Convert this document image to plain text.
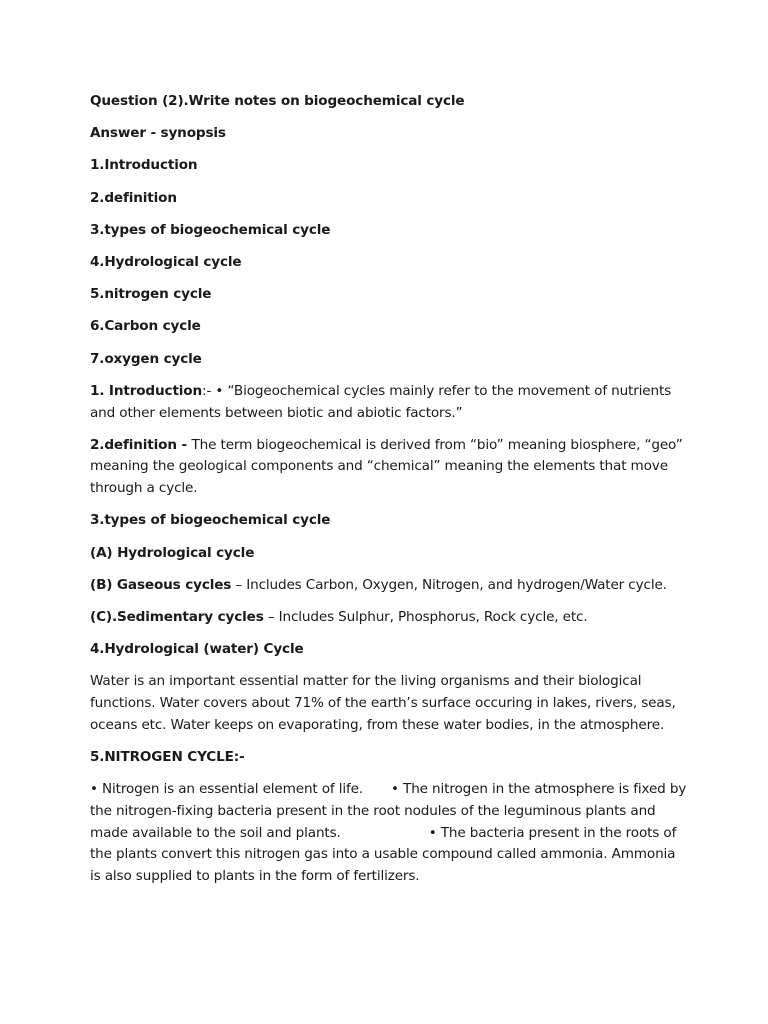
Question (2).Write notes on biogeochemical cycle

Answer - synopsis

1.Introduction

2.definition

3.types of biogeochemical cycle

4.Hydrological cycle

5.nitrogen cycle

6.Carbon cycle

7.oxygen cycle

1. Introduction:- • “Biogeochemical cycles mainly refer to the movement of nutrients and other elements between biotic and abiotic factors.”

2.definition - The term biogeochemical is derived from “bio” meaning biosphere, “geo” meaning the geological components and “chemical” meaning the elements that move through a cycle.

3.types of biogeochemical cycle

(A) Hydrological cycle

(B) Gaseous cycles – Includes Carbon, Oxygen, Nitrogen, and hydrogen/Water cycle.

(C).Sedimentary cycles – Includes Sulphur, Phosphorus, Rock cycle, etc.

4.Hydrological (water) Cycle

Water is an important essential matter for the living organisms and their biological functions. Water covers about 71% of the earth’s surface occuring in lakes, rivers, seas, oceans etc. Water keeps on evaporating, from these water bodies, in the atmosphere.

5.NITROGEN CYCLE:-

• Nitrogen is an essential element of life. • The nitrogen in the atmosphere is fixed by the nitrogen-fixing bacteria present in the root nodules of the leguminous plants and made available to the soil and plants.	• The bacteria present in the roots of the plants convert this nitrogen gas into a usable compound called ammonia. Ammonia is also supplied to plants in the form of fertilizers.
